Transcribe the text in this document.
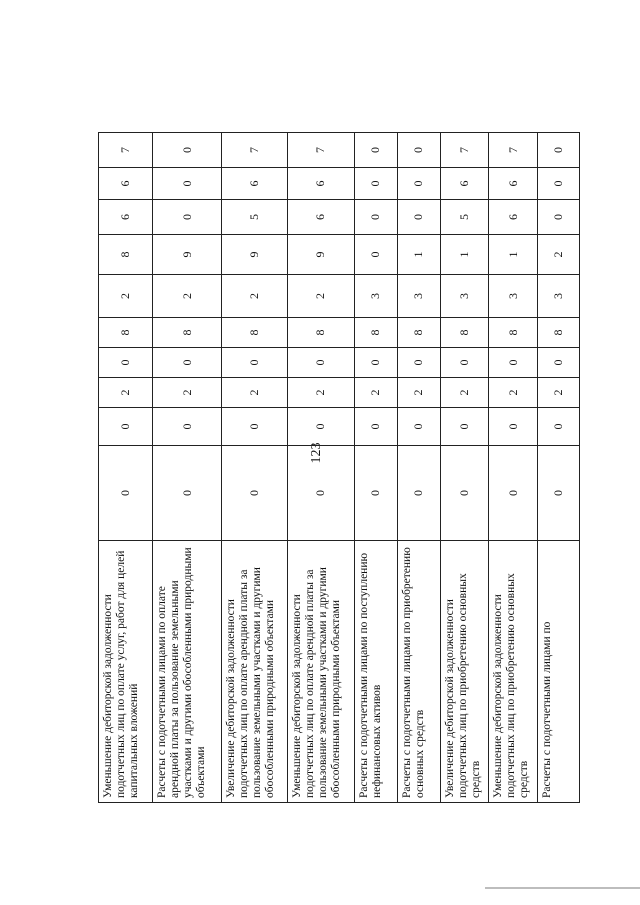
123
Уменьшение дебиторской задолженности подотчетных лиц по оплате услуг, работ для целей капитальных вложений	0	0	2	0	8	2	8	6	6	7
Расчеты с подотчетными лицами по оплате арендной платы за пользование земельными участками и другими обособленными природными объектами	0	0	2	0	8	2	9	0	0	0
Увеличение дебиторской задолженности подотчетных лиц по оплате арендной платы за пользование земельными участками и другими обособленными природными объектами	0	0	2	0	8	2	9	5	6	7
Уменьшение дебиторской задолженности подотчетных лиц по оплате арендной платы за пользование земельными участками и другими обособленными природными объектами	0	0	2	0	8	2	9	6	6	7
Расчеты с подотчетными лицами по поступлению нефинансовых активов	0	0	2	0	8	3	0	0	0	0
Расчеты с подотчетными лицами по приобретению основных средств	0	0	2	0	8	3	1	0	0	0
Увеличение дебиторской задолженности подотчетных лиц по приобретению основных средств	0	0	2	0	8	3	1	5	6	7
Уменьшение дебиторской задолженности подотчетных лиц по приобретению основных средств	0	0	2	0	8	3	1	6	6	7
Расчеты с подотчетными лицами по	0	0	2	0	8	3	2	0	0	0
